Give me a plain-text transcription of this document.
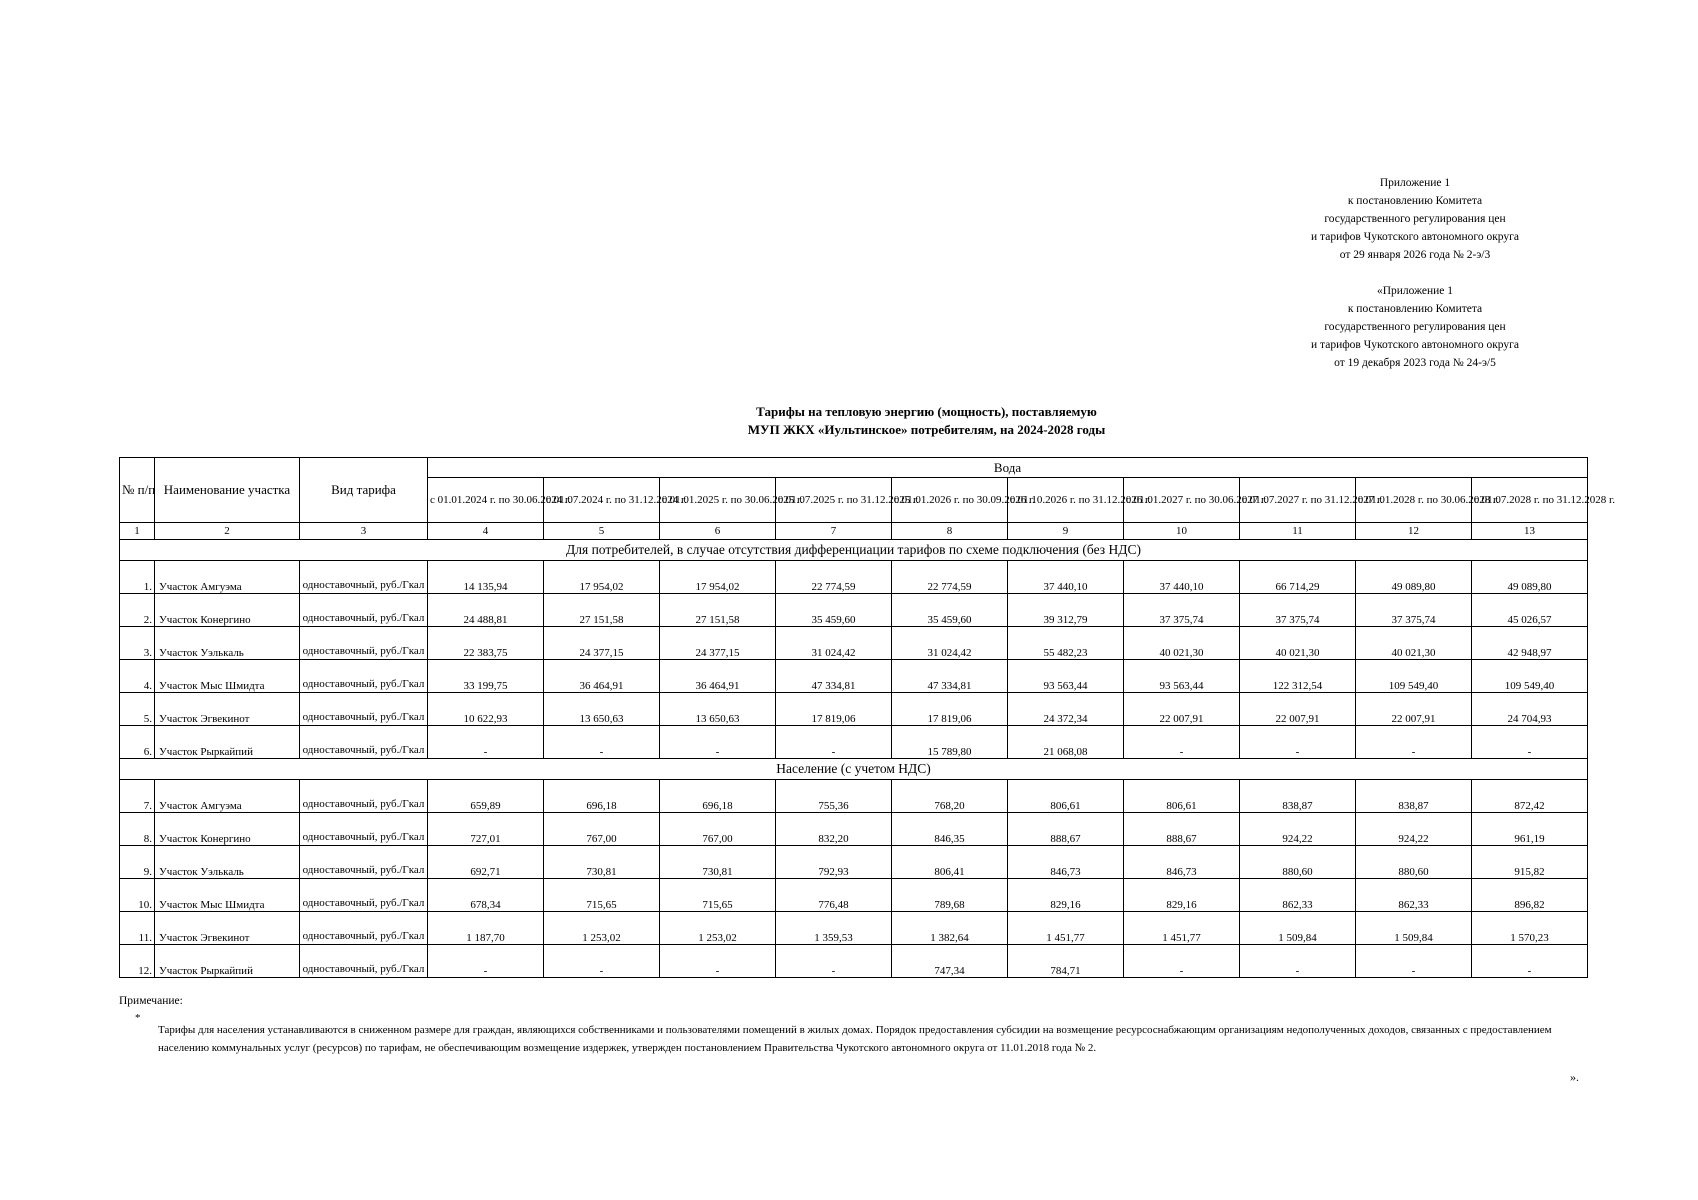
Приложение 1
к постановлению Комитета
государственного регулирования цен
и тарифов Чукотского автономного округа
от 29 января 2026 года № 2-э/3
«Приложение 1
к постановлению Комитета
государственного регулирования цен
и тарифов Чукотского автономного округа
от 19 декабря 2023 года № 24-э/5
Тарифы на тепловую энергию (мощность), поставляемую
МУП ЖКХ «Иультинское» потребителям, на 2024-2028 годы
№ п/п	Наименование участка	Вид тарифа	Вода									
			с 01.01.2024 г. по 30.06.2024 г.	с 01.07.2024 г. по 31.12.2024 г.	с 01.01.2025 г. по 30.06.2025 г.	с 01.07.2025 г. по 31.12.2025 г.	с 01.01.2026 г. по 30.09.2026 г.	с 01.10.2026 г. по 31.12.2026 г.	с 01.01.2027 г. по 30.06.2027 г.	с 01.07.2027 г. по 31.12.2027 г.	с 01.01.2028 г. по 30.06.2028 г.	с 01.07.2028 г. по 31.12.2028 г.
1	2	3	4	5	6	7	8	9	10	11	12	13
Для потребителей, в случае отсутствия дифференциации тарифов по схеме подключения (без НДС)												
1.	Участок Амгуэма	одноставочный, руб./Гкал	14 135,94	17 954,02	17 954,02	22 774,59	22 774,59	37 440,10	37 440,10	66 714,29	49 089,80	49 089,80
2.	Участок Конергино	одноставочный, руб./Гкал	24 488,81	27 151,58	27 151,58	35 459,60	35 459,60	39 312,79	37 375,74	37 375,74	37 375,74	45 026,57
3.	Участок Уэлькаль	одноставочный, руб./Гкал	22 383,75	24 377,15	24 377,15	31 024,42	31 024,42	55 482,23	40 021,30	40 021,30	40 021,30	42 948,97
4.	Участок Мыс Шмидта	одноставочный, руб./Гкал	33 199,75	36 464,91	36 464,91	47 334,81	47 334,81	93 563,44	93 563,44	122 312,54	109 549,40	109 549,40
5.	Участок Эгвекинот	одноставочный, руб./Гкал	10 622,93	13 650,63	13 650,63	17 819,06	17 819,06	24 372,34	22 007,91	22 007,91	22 007,91	24 704,93
6.	Участок Рыркайпий	одноставочный, руб./Гкал	-	-	-	-	15 789,80	21 068,08	-	-	-	-
Население (с учетом НДС)												
7.	Участок Амгуэма	одноставочный, руб./Гкал	659,89	696,18	696,18	755,36	768,20	806,61	806,61	838,87	838,87	872,42
8.	Участок Конергино	одноставочный, руб./Гкал	727,01	767,00	767,00	832,20	846,35	888,67	888,67	924,22	924,22	961,19
9.	Участок Уэлькаль	одноставочный, руб./Гкал	692,71	730,81	730,81	792,93	806,41	846,73	846,73	880,60	880,60	915,82
10.	Участок Мыс Шмидта	одноставочный, руб./Гкал	678,34	715,65	715,65	776,48	789,68	829,16	829,16	862,33	862,33	896,82
11.	Участок Эгвекинот	одноставочный, руб./Гкал	1 187,70	1 253,02	1 253,02	1 359,53	1 382,64	1 451,77	1 451,77	1 509,84	1 509,84	1 570,23
12.	Участок Рыркайпий	одноставочный, руб./Гкал	-	-	-	-	747,34	784,71	-	-	-	-
Примечание:
*
Тарифы для населения устанавливаются в сниженном размере для граждан, являющихся собственниками и пользователями помещений в жилых домах. Порядок предоставления субсидии на возмещение ресурсоснабжающим организациям недополученных доходов, связанных с предоставлением населению коммунальных услуг (ресурсов) по тарифам, не обеспечивающим возмещение издержек, утвержден постановлением Правительства Чукотского автономного округа от 11.01.2018 года № 2.
».
